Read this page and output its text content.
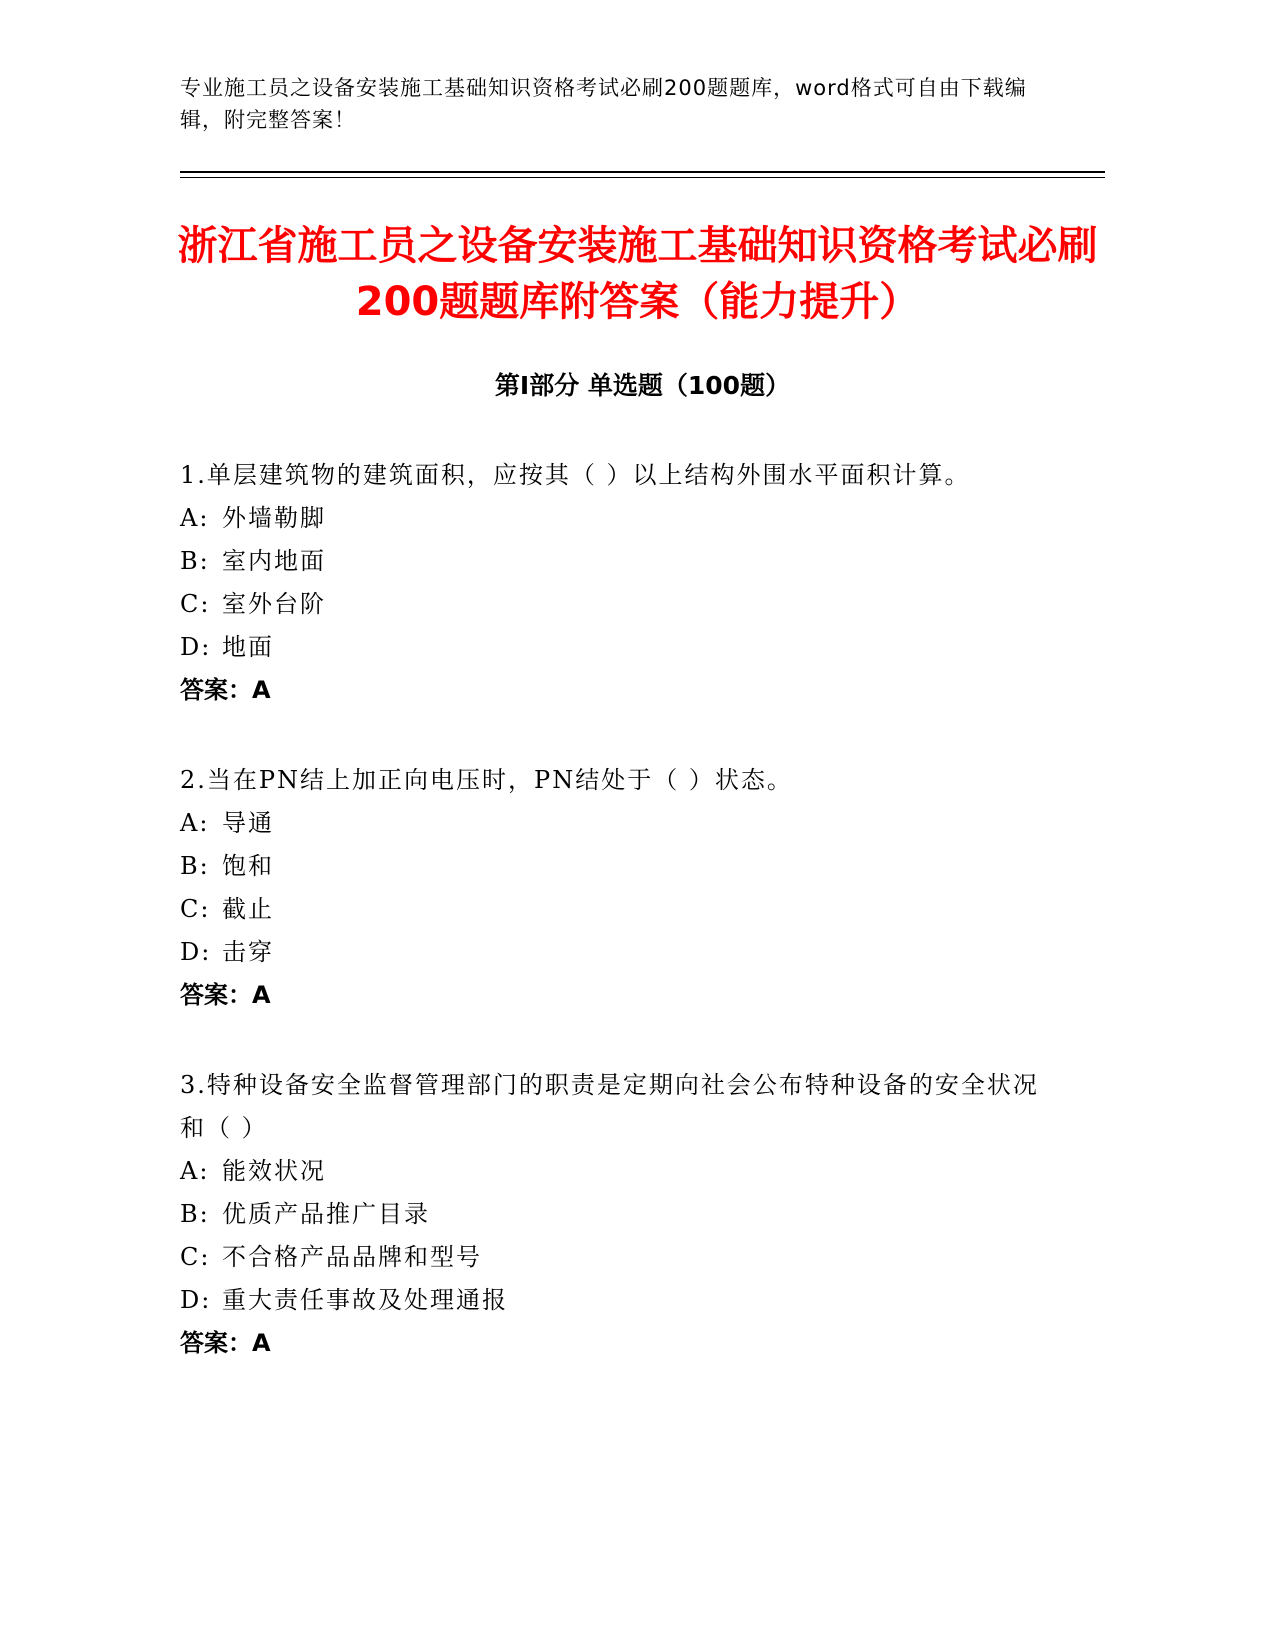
专业施工员之设备安装施工基础知识资格考试必刷200题题库，word格式可自由下载编辑，附完整答案！
浙江省施工员之设备安装施工基础知识资格考试必刷200题题库附答案（能力提升）
第Ⅰ部分 单选题（100题）
1.单层建筑物的建筑面积，应按其（ ）以上结构外围水平面积计算。
A: 外墙勒脚
B: 室内地面
C: 室外台阶
D: 地面
答案：A
2.当在PN结上加正向电压时，PN结处于（ ）状态。
A: 导通
B: 饱和
C: 截止
D: 击穿
答案：A
3.特种设备安全监督管理部门的职责是定期向社会公布特种设备的安全状况和（ ）
A: 能效状况
B: 优质产品推广目录
C: 不合格产品品牌和型号
D: 重大责任事故及处理通报
答案：A
